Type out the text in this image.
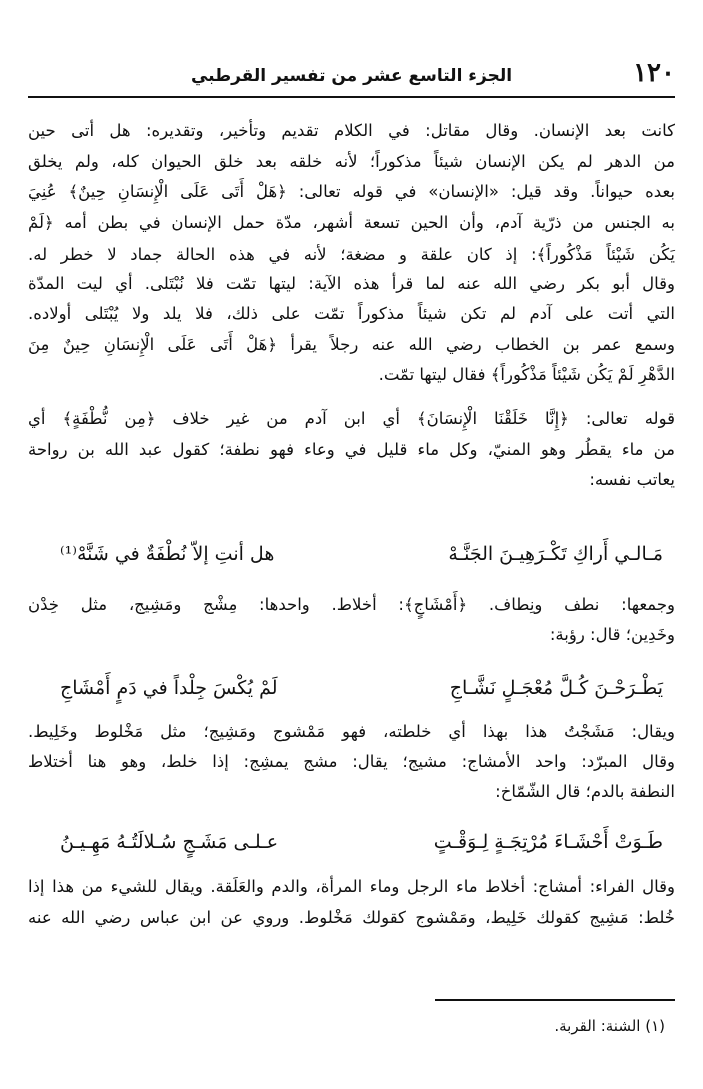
١٢٠
الجزء التاسع عشر من تفسير القرطبي
كانت بعد الإنسان. وقال مقاتل: في الكلام تقديم وتأخير، وتقديره: هل أتى حين
من الدهر لم يكن الإنسان شيئاً مذكوراً؛ لأنه خلقه بعد خلق الحيوان كله، ولم يخلق
بعده حيواناً. وقد قيل: «الإنسان» في قوله تعالى: ﴿هَلْ أَتَى عَلَى الْإِنسَانِ حِينٌ﴾ عُنِيَ
به الجنس من ذرّية آدم، وأن الحين تسعة أشهر، مدّة حمل الإنسان في بطن أمه ﴿لَمْ
يَكُن شَيْئاً مَذْكُوراً﴾: إذ كان علقة و مضغة؛ لأنه في هذه الحالة جماد لا خطر له.
وقال أبو بكر رضي الله عنه لما قرأ هذه الآية: ليتها تمّت فلا نُبْتَلى. أي ليت المدّة
التي أتت على آدم لم تكن شيئاً مذكوراً تمّت على ذلك، فلا يلد ولا يُبْتَلى أولاده.
وسمع عمر بن الخطاب رضي الله عنه رجلاً يقرأ ﴿هَلْ أَتَى عَلَى الْإِنسَانِ حِينٌ مِنَ
الدَّهْرِ لَمْ يَكُن شَيْئاً مَذْكُوراً﴾ فقال ليتها تمّت.
قوله تعالى: ﴿إِنَّا خَلَقْنَا الْإِنسَانَ﴾ أي ابن آدم من غير خلاف ﴿مِن نُّطْفَةٍ﴾ أي
من ماء يقطُر وهو المنيّ، وكل ماء قليل في وعاء فهو نطفة؛ كقول عبد الله بن رواحة
يعاتب نفسه:
مَـالـي أَراكِ تَكْـرَهِيـنَ الجَنَّـهْ
هل أنتِ إلاّ نُطْفَةٌ في شَنَّهْ⁽¹⁾
وجمعها: نطف ونِطاف. ﴿أَمْشَاجٍ﴾: أخلاط. واحدها: مِشْج ومَشِيج، مثل خِدْن
وخَدِين؛ قال: رؤبة:
يَطْـرَحْـنَ كُـلَّ مُعْجَـلٍ نَشَّـاجِ
لَمْ يُكْسَ جِلْداً في دَمٍ أَمْشَاجِ
ويقال: مَشَجْتُ هذا بهذا أي خلطته، فهو مَمْشوج ومَشِيج؛ مثل مَخْلوط وخَلِيط.
وقال المبرّد: واحد الأمشاج: مشيج؛ يقال: مشج يمشِج: إذا خلط، وهو هنا أختلاط
النطفة بالدم؛ قال الشّمّاخ:
طَـوَتْ أَحْشَـاءَ مُرْتِجَـةٍ لِـوَقْـتٍ
عـلـى مَشَـجٍ سُـلالَتُـهُ مَهِـيـنُ
وقال الفراء: أمشاج: أخلاط ماء الرجل وماء المرأة، والدم والعَلَقة. ويقال للشيء من هذا إذا
خُلط: مَشِيج كقولك خَلِيط، ومَمْشوج كقولك مَخْلوط. وروي عن ابن عباس رضي الله عنه
(١) الشنة: القربة.
